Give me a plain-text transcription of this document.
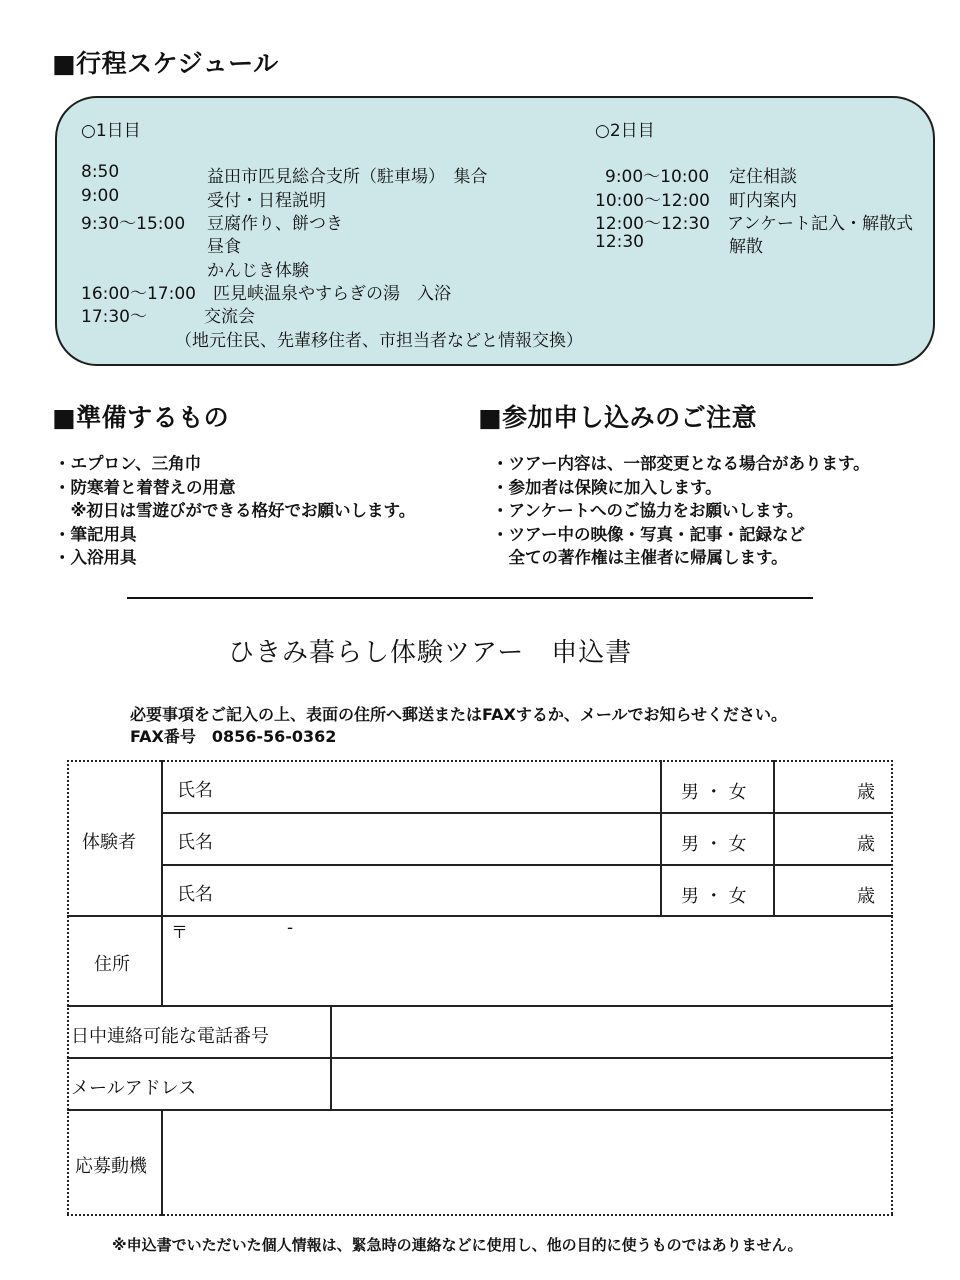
■行程スケジュール
○1日目	○2日目
8:50	益田市匹見総合支所（駐車場）　集合
9:00	受付・日程説明
9:30～15:00 豆腐作り、餅つき
昼食
かんじき体験
16:00～17:00 匹見峡温泉やすらぎの湯　入浴
17:30～	交流会
（地元住民、先輩移住者、市担当者などと情報交換）
9:00～10:00 定住相談
10:00～12:00 町内案内
12:00～12:30 アンケート記入・解散式
12:30	解散
■準備するもの
・エプロン、三角巾
・防寒着と着替えの用意
　※初日は雪遊びができる格好でお願いします。
・筆記用具
・入浴用具
■参加申し込みのご注意
・ツアー内容は、一部変更となる場合があります。
・参加者は保険に加入します。
・アンケートへのご協力をお願いします。
・ツアー中の映像・写真・記事・記録など
　全ての著作権は主催者に帰属します。
ひきみ暮らし体験ツアー　申込書
必要事項をご記入の上、表面の住所へ郵送またはFAXするか、メールでお知らせください。
FAX番号　0856-56-0362
体験者
氏名	男 ・ 女	歳
氏名	男 ・ 女	歳
氏名	男 ・ 女	歳
住所
〒	-
日中連絡可能な電話番号
メールアドレス
応募動機
※申込書でいただいた個人情報は、緊急時の連絡などに使用し、他の目的に使うものではありません。
